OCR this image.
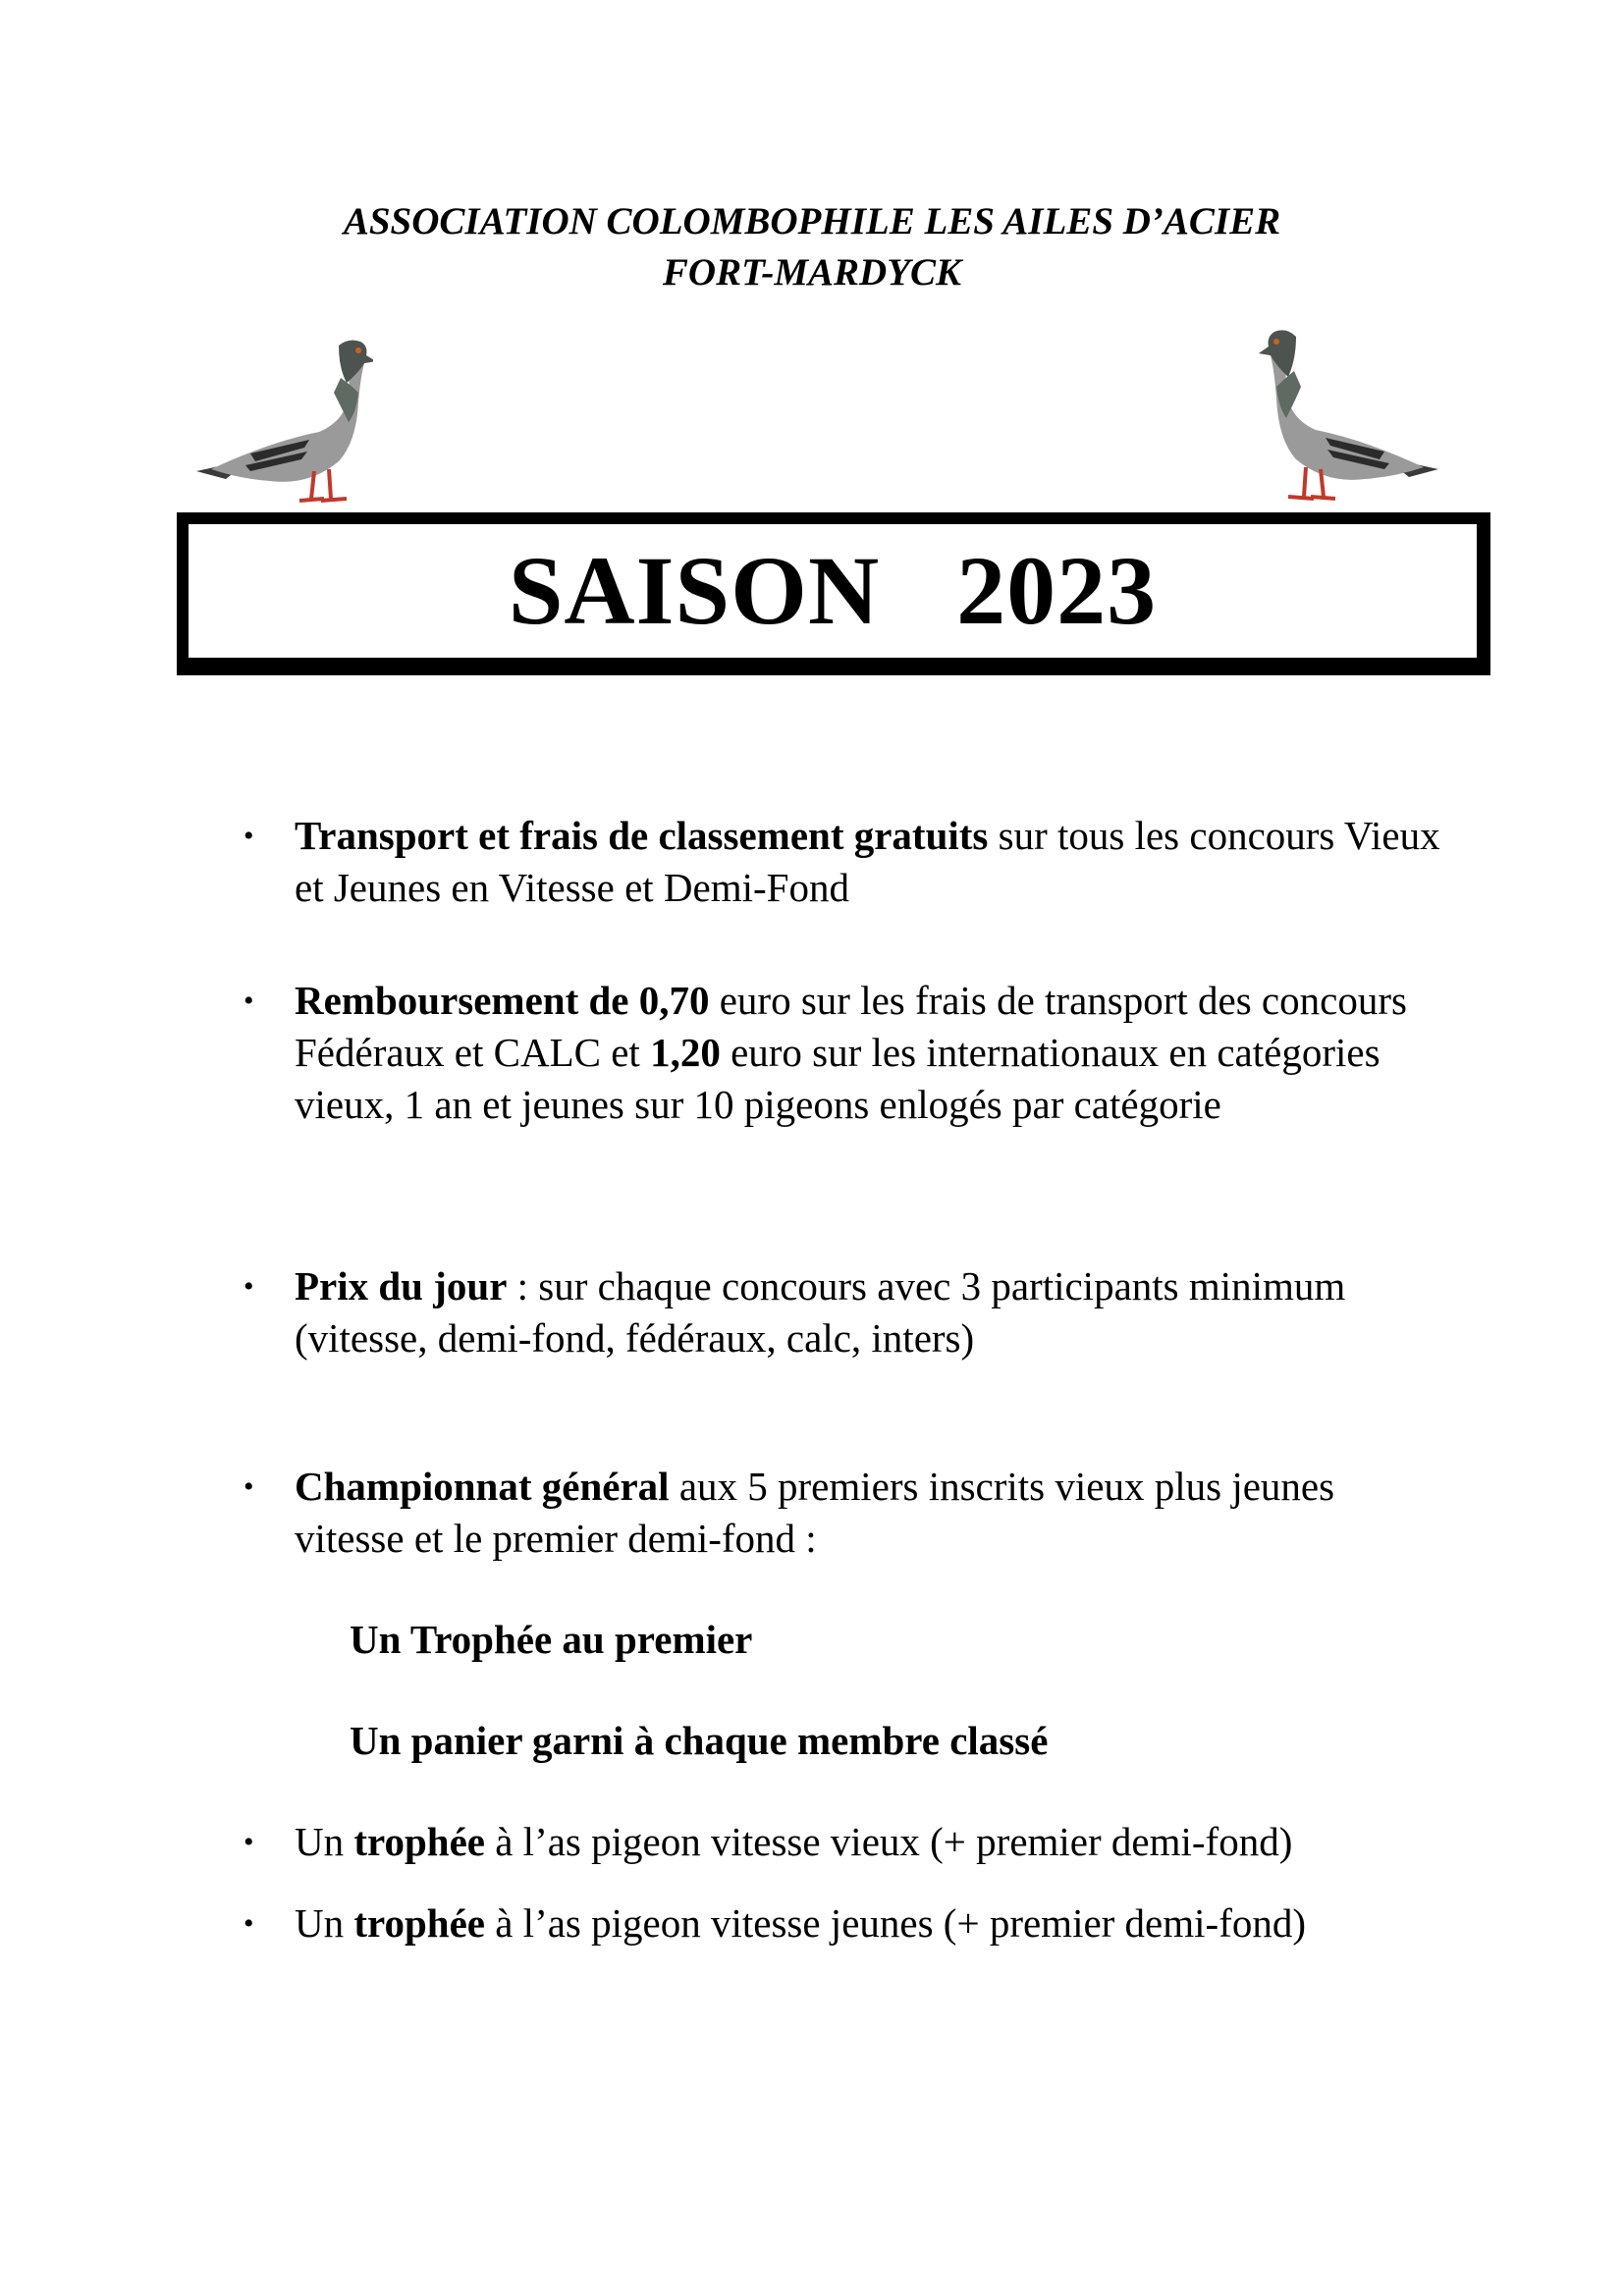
ASSOCIATION COLOMBOPHILE LES AILES D’ACIER
FORT-MARDYCK
SAISON   2023
• Transport et frais de classement gratuits sur tous les concours Vieux et Jeunes en Vitesse et Demi-Fond
• Remboursement de 0,70 euro sur les frais de transport des concours Fédéraux et CALC et 1,20 euro sur les internationaux en catégories vieux, 1 an et jeunes sur 10 pigeons enlogés par catégorie
• Prix du jour : sur chaque concours avec 3 participants minimum (vitesse, demi-fond, fédéraux, calc, inters)
• Championnat général aux 5 premiers inscrits vieux plus jeunes vitesse et le premier demi-fond :
Un Trophée au premier
Un panier garni à chaque membre classé
• Un trophée à l’as pigeon vitesse vieux (+ premier demi-fond)
• Un trophée à l’as pigeon vitesse jeunes (+ premier demi-fond)
